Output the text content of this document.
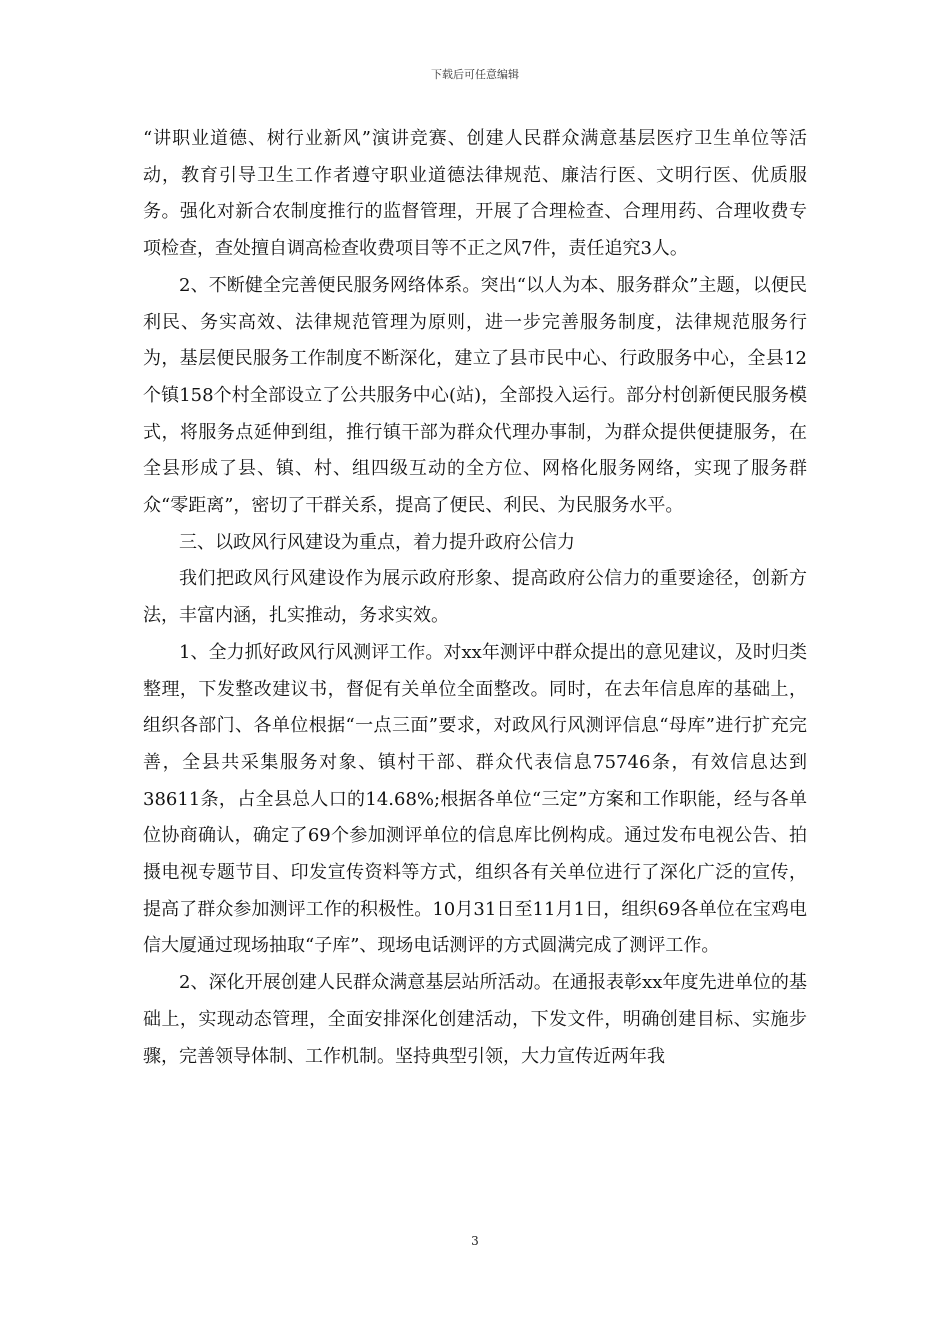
下载后可任意编辑

“讲职业道德、树行业新风”演讲竞赛、创建人民群众满意基层医疗卫生单位等活动，教育引导卫生工作者遵守职业道德法律规范、廉洁行医、文明行医、优质服务。强化对新合农制度推行的监督管理，开展了合理检查、合理用药、合理收费专项检查，查处擅自调高检查收费项目等不正之风7件，责任追究3人。

2、不断健全完善便民服务网络体系。突出“以人为本、服务群众”主题，以便民利民、务实高效、法律规范管理为原则，进一步完善服务制度，法律规范服务行为，基层便民服务工作制度不断深化，建立了县市民中心、行政服务中心，全县12个镇158个村全部设立了公共服务中心(站)，全部投入运行。部分村创新便民服务模式，将服务点延伸到组，推行镇干部为群众代理办事制，为群众提供便捷服务，在全县形成了县、镇、村、组四级互动的全方位、网格化服务网络，实现了服务群众“零距离”，密切了干群关系，提高了便民、利民、为民服务水平。

三、以政风行风建设为重点，着力提升政府公信力

我们把政风行风建设作为展示政府形象、提高政府公信力的重要途径，创新方法，丰富内涵，扎实推动，务求实效。

1、全力抓好政风行风测评工作。对xx年测评中群众提出的意见建议，及时归类整理，下发整改建议书，督促有关单位全面整改。同时，在去年信息库的基础上，组织各部门、各单位根据“一点三面”要求，对政风行风测评信息“母库”进行扩充完善，全县共采集服务对象、镇村干部、群众代表信息75746条，有效信息达到38611条，占全县总人口的14.68%;根据各单位“三定”方案和工作职能，经与各单位协商确认，确定了69个参加测评单位的信息库比例构成。通过发布电视公告、拍摄电视专题节目、印发宣传资料等方式，组织各有关单位进行了深化广泛的宣传，提高了群众参加测评工作的积极性。10月31日至11月1日，组织69各单位在宝鸡电信大厦通过现场抽取“子库”、现场电话测评的方式圆满完成了测评工作。

2、深化开展创建人民群众满意基层站所活动。在通报表彰xx年度先进单位的基础上，实现动态管理，全面安排深化创建活动，下发文件，明确创建目标、实施步骤，完善领导体制、工作机制。坚持典型引领，大力宣传近两年我

3
